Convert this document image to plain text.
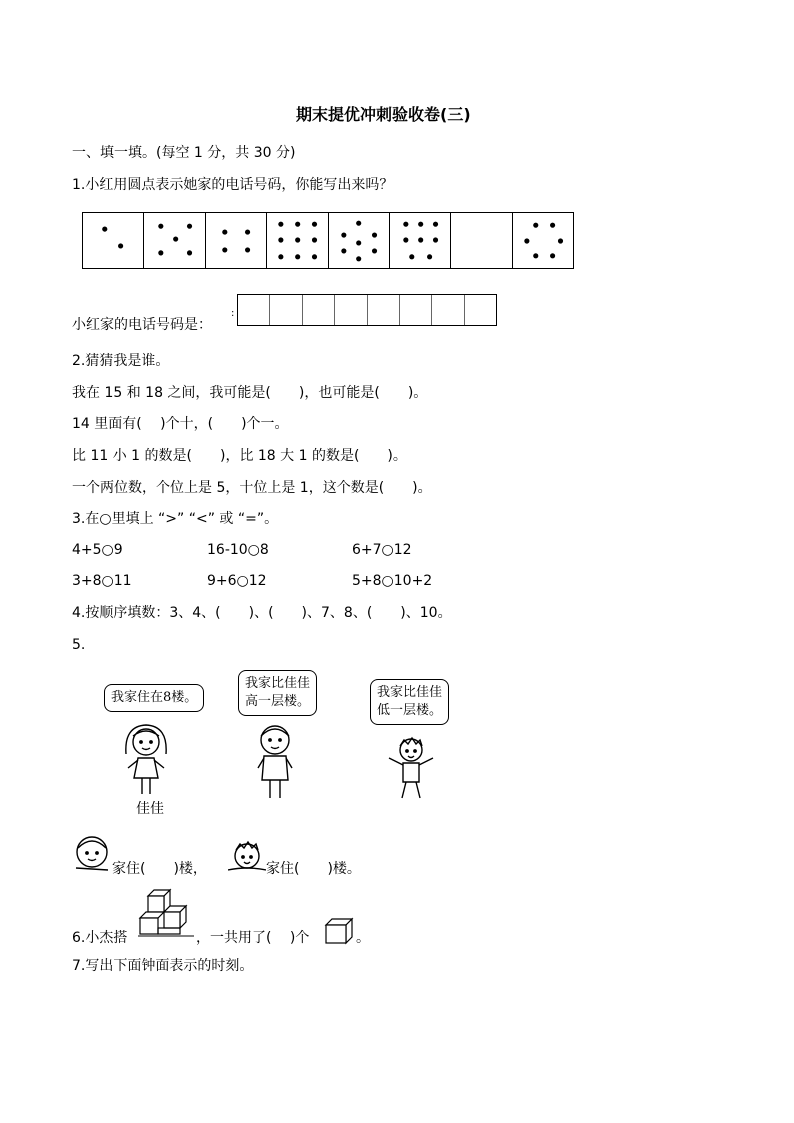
期末提优冲刺验收卷(三)
一、填一填。(每空 1 分，共 30 分)
1.小红用圆点表示她家的电话号码，你能写出来吗？
小红家的电话号码是：
:
2.猜猜我是谁。
我在 15 和 18 之间，我可能是(　　)，也可能是(　　)。
14 里面有(　 )个十，(　　)个一。
比 11 小 1 的数是(　　)，比 18 大 1 的数是(　　)。
一个两位数，个位上是 5，十位上是 1，这个数是(　　)。
3.在○里填上 “>” “<” 或 “=”。
4+5○9	16-10○8	6+7○12
3+8○11	9+6○12	5+8○10+2
4.按顺序填数：3、4、(　　)、(　　)、7、8、(　　)、10。
5.
我家住在8楼。
我家比佳佳
高一层楼。
我家比佳佳
低一层楼。
佳佳
家住(　　)楼，	家住(　　)楼。
6.小杰搭	，一共用了(　 )个	。
7.写出下面钟面表示的时刻。
